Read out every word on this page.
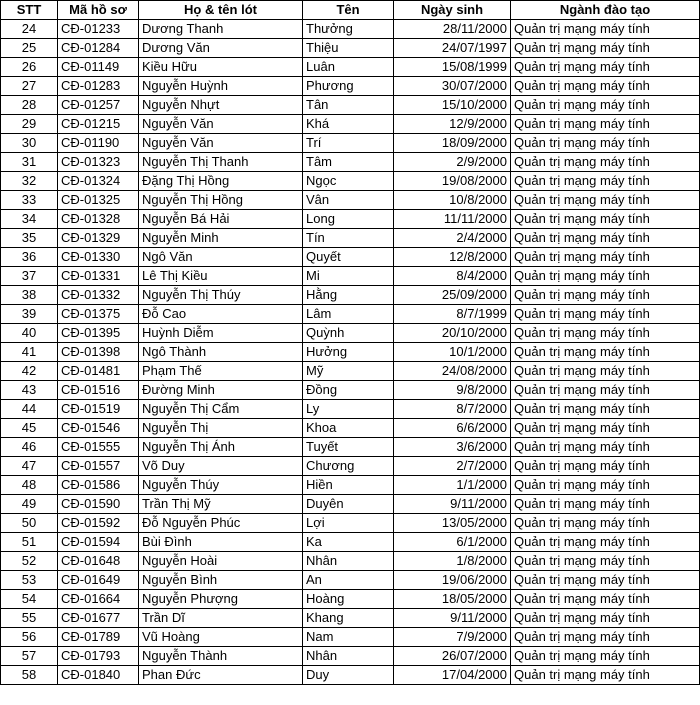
STT	Mã hồ sơ	Họ & tên lót	Tên	Ngày sinh	Ngành đào tạo
24	CĐ-01233	Dương Thanh	Thưởng	28/11/2000	Quản trị mạng máy tính
25	CĐ-01284	Dương Văn	Thiệu	24/07/1997	Quản trị mạng máy tính
26	CĐ-01149	Kiều Hữu	Luân	15/08/1999	Quản trị mạng máy tính
27	CĐ-01283	Nguyễn Huỳnh	Phương	30/07/2000	Quản trị mạng máy tính
28	CĐ-01257	Nguyễn Nhựt	Tân	15/10/2000	Quản trị mạng máy tính
29	CĐ-01215	Nguyễn Văn	Khá	12/9/2000	Quản trị mạng máy tính
30	CĐ-01190	Nguyễn Văn	Trí	18/09/2000	Quản trị mạng máy tính
31	CĐ-01323	Nguyễn Thị Thanh	Tâm	2/9/2000	Quản trị mạng máy tính
32	CĐ-01324	Đặng Thị Hồng	Ngọc	19/08/2000	Quản trị mạng máy tính
33	CĐ-01325	Nguyễn Thị Hồng	Vân	10/8/2000	Quản trị mạng máy tính
34	CĐ-01328	Nguyễn Bá Hải	Long	11/11/2000	Quản trị mạng máy tính
35	CĐ-01329	Nguyễn Minh	Tín	2/4/2000	Quản trị mạng máy tính
36	CĐ-01330	Ngô Văn	Quyết	12/8/2000	Quản trị mạng máy tính
37	CĐ-01331	Lê Thị Kiều	Mi	8/4/2000	Quản trị mạng máy tính
38	CĐ-01332	Nguyễn Thị Thúy	Hằng	25/09/2000	Quản trị mạng máy tính
39	CĐ-01375	Đỗ Cao	Lâm	8/7/1999	Quản trị mạng máy tính
40	CĐ-01395	Huỳnh Diễm	Quỳnh	20/10/2000	Quản trị mạng máy tính
41	CĐ-01398	Ngô Thành	Hưởng	10/1/2000	Quản trị mạng máy tính
42	CĐ-01481	Phạm Thế	Mỹ	24/08/2000	Quản trị mạng máy tính
43	CĐ-01516	Đường Minh	Đồng	9/8/2000	Quản trị mạng máy tính
44	CĐ-01519	Nguyễn Thị Cẩm	Ly	8/7/2000	Quản trị mạng máy tính
45	CĐ-01546	Nguyễn Thị	Khoa	6/6/2000	Quản trị mạng máy tính
46	CĐ-01555	Nguyễn Thị Ánh	Tuyết	3/6/2000	Quản trị mạng máy tính
47	CĐ-01557	Võ Duy	Chương	2/7/2000	Quản trị mạng máy tính
48	CĐ-01586	Nguyễn Thúy	Hiền	1/1/2000	Quản trị mạng máy tính
49	CĐ-01590	Trần Thị Mỹ	Duyên	9/11/2000	Quản trị mạng máy tính
50	CĐ-01592	Đỗ Nguyễn Phúc	Lợi	13/05/2000	Quản trị mạng máy tính
51	CĐ-01594	Bùi Đình	Ka	6/1/2000	Quản trị mạng máy tính
52	CĐ-01648	Nguyễn Hoài	Nhân	1/8/2000	Quản trị mạng máy tính
53	CĐ-01649	Nguyễn Bình	An	19/06/2000	Quản trị mạng máy tính
54	CĐ-01664	Nguyễn Phượng	Hoàng	18/05/2000	Quản trị mạng máy tính
55	CĐ-01677	Trần Dĩ	Khang	9/11/2000	Quản trị mạng máy tính
56	CĐ-01789	Vũ Hoàng	Nam	7/9/2000	Quản trị mạng máy tính
57	CĐ-01793	Nguyễn Thành	Nhân	26/07/2000	Quản trị mạng máy tính
58	CĐ-01840	Phan Đức	Duy	17/04/2000	Quản trị mạng máy tính
